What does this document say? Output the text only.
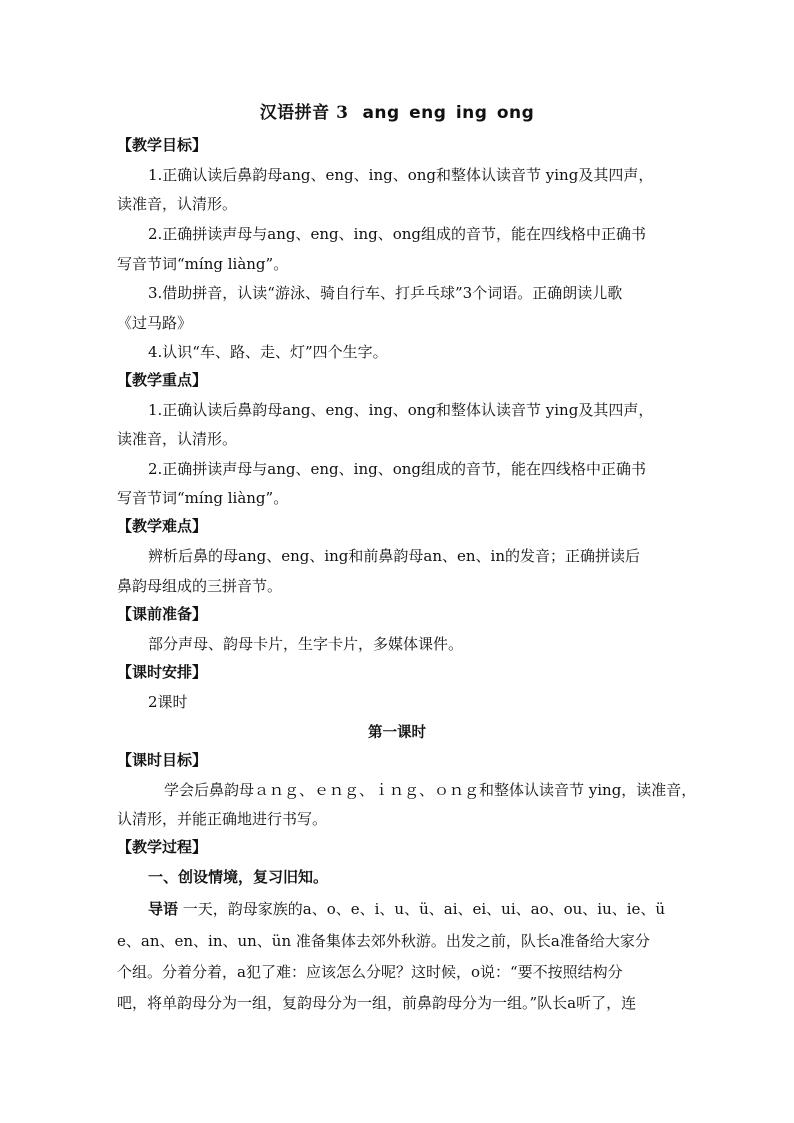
汉语拼音 3 ang eng ing ong
【教学目标】
1.正确认读后鼻韵母ang、eng、ing、ong和整体认读音节 ying及其四声，
读准音，认清形。
2.正确拼读声母与ang、eng、ing、ong组成的音节，能在四线格中正确书
写音节词“míng liàng”。
3.借助拼音，认读“游泳、骑自行车、打乒乓球”3个词语。正确朗读儿歌
《过马路》
4.认识“车、路、走、灯”四个生字。
【教学重点】
1.正确认读后鼻韵母ang、eng、ing、ong和整体认读音节 ying及其四声，
读准音，认清形。
2.正确拼读声母与ang、eng、ing、ong组成的音节，能在四线格中正确书
写音节词“míng liàng”。
【教学难点】
辨析后鼻的母ang、eng、ing和前鼻韵母an、en、in的发音；正确拼读后
鼻韵母组成的三拼音节。
【课前准备】
部分声母、韵母卡片，生字卡片，多媒体课件。
【课时安排】
2课时
第一课时
【课时目标】
学会后鼻韵母ａｎｇ、ｅｎｇ、ｉｎｇ、ｏｎｇ和整体认读音节 ying，读准音，
认清形，并能正确地进行书写。
【教学过程】
一、创设情境，复习旧知。
导语 一天，韵母家族的a、o、e、i、u、ü、ai、ei、ui、ao、ou、iu、ie、ü
e、an、en、in、un、ün 准备集体去郊外秋游。出发之前，队长a准备给大家分
个组。分着分着，a犯了难：应该怎么分呢？这时候，o说：“要不按照结构分
吧，将单韵母分为一组，复韵母分为一组，前鼻韵母分为一组。”队长a听了，连
